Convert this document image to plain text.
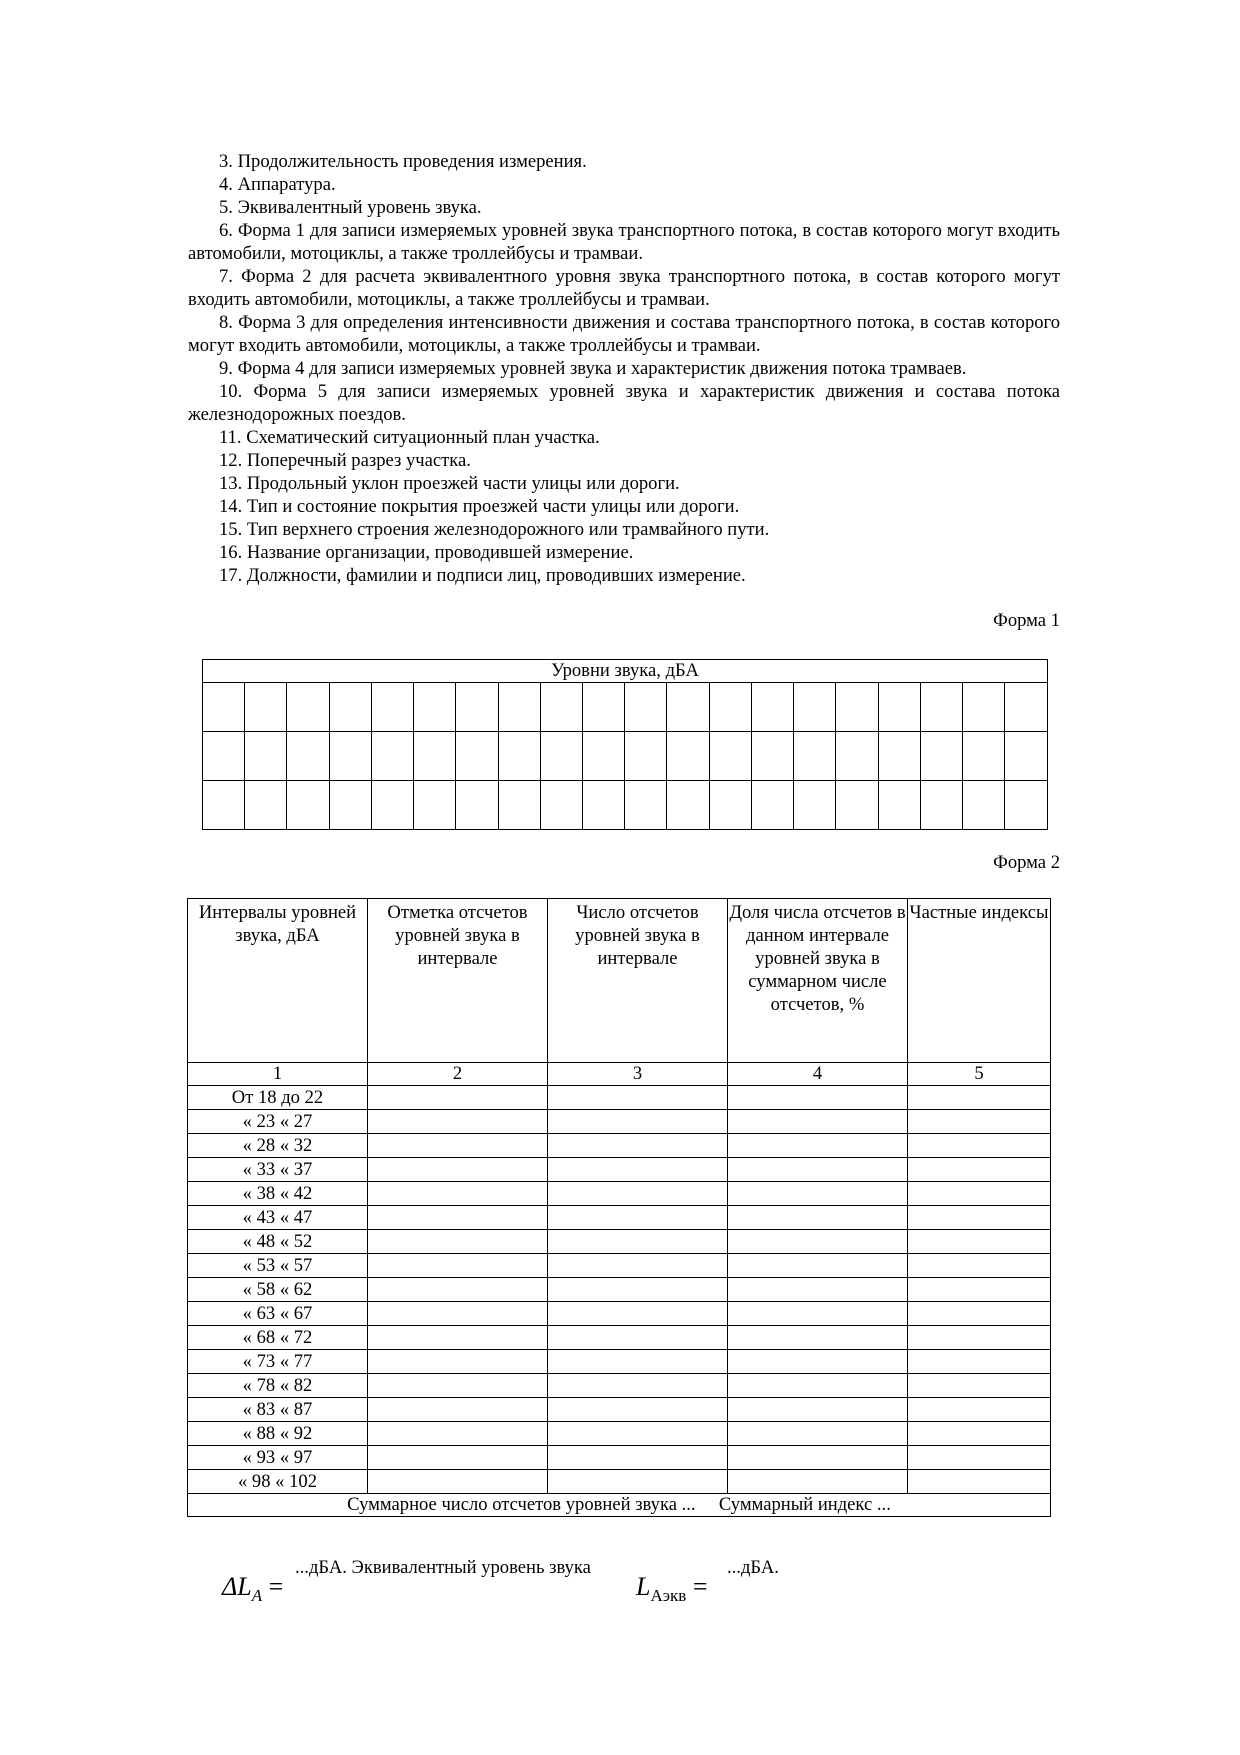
3. Продолжительность проведения измерения.

4. Аппаратура.

5. Эквивалентный уровень звука.

6. Форма 1 для записи измеряемых уровней звука транспортного потока, в состав которого могут входить автомобили, мотоциклы, а также троллейбусы и трамваи.

7. Форма 2 для расчета эквивалентного уровня звука транспортного потока, в состав которого могут входить автомобили, мотоциклы, а также троллейбусы и трамваи.

8. Форма 3 для определения интенсивности движения и состава транспортного потока, в состав которого могут входить автомобили, мотоциклы, а также троллейбусы и трамваи.

9. Форма 4 для записи измеряемых уровней звука и характеристик движения потока трамваев.

10. Форма 5 для записи измеряемых уровней звука и характеристик движения и состава потока железнодорожных поездов.

11. Схематический ситуационный план участка.

12. Поперечный разрез участка.

13. Продольный уклон проезжей части улицы или дороги.

14. Тип и состояние покрытия проезжей части улицы или дороги.

15. Тип верхнего строения железнодорожного или трамвайного пути.

16. Название организации, проводившей измерение.

17. Должности, фамилии и подписи лиц, проводивших измерение.

Форма 1
Уровни звука, дБА																			

Форма 2
Интервалы уровней звука, дБА	Отметка отсчетов уровней звука в интервале	Число отсчетов уровней звука в интервале	Доля числа отсчетов в данном интервале уровней звука в суммарном числе отсчетов, %	Частные индексы
1	2	3	4	5
От 18 до 22				
« 23 « 27				
« 28 « 32				
« 33 « 37				
« 38 « 42				
« 43 « 47				
« 48 « 52				
« 53 « 57				
« 58 « 62				
« 63 « 67				
« 68 « 72				
« 73 « 77				
« 78 « 82				
« 83 « 87				
« 88 « 92				
« 93 « 97				
« 98 « 102				
Суммарное число отсчетов уровней звука ... Суммарный индекс ...				
$\Delta L_A$ =
...дБА. Эквивалентный уровень звука
$L_{Аэкв}$ =
...дБА.
